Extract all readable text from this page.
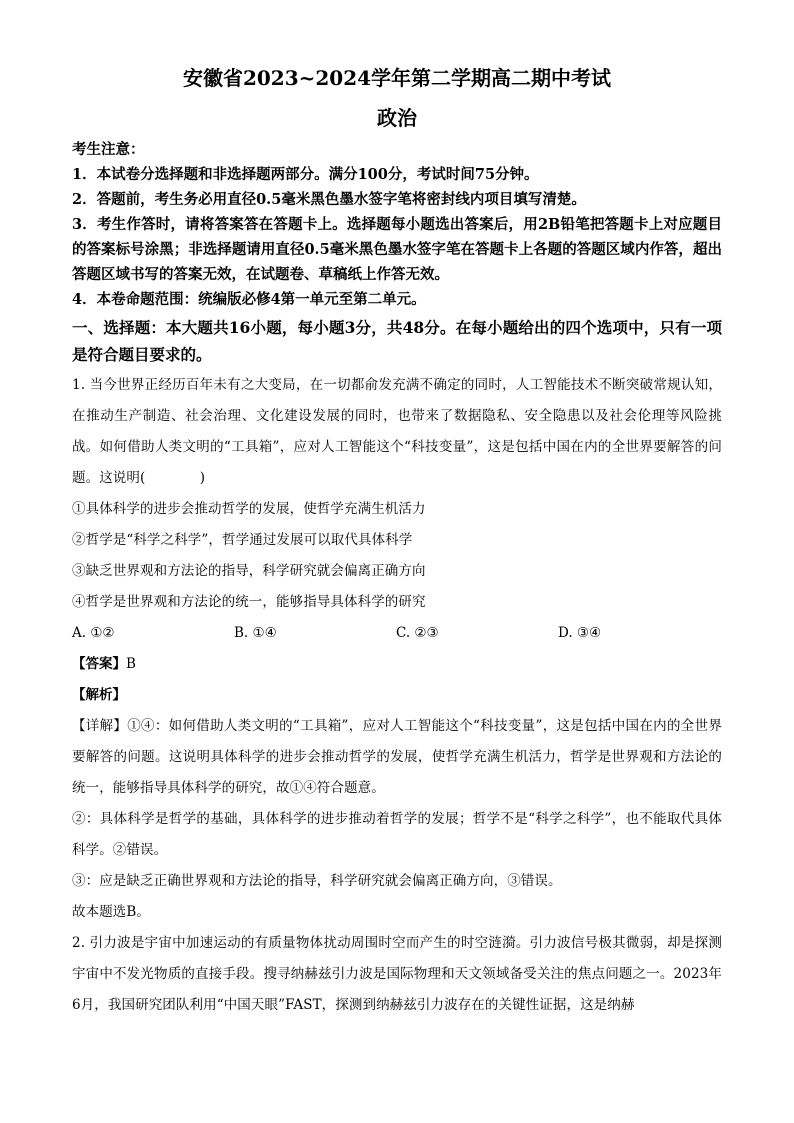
安徽省2023~2024学年第二学期高二期中考试
政治

考生注意：

1．本试卷分选择题和非选择题两部分。满分100分，考试时间75分钟。

2．答题前，考生务必用直径0.5毫米黑色墨水签字笔将密封线内项目填写清楚。

3．考生作答时，请将答案答在答题卡上。选择题每小题选出答案后，用2B铅笔把答题卡上对应题目的答案标号涂黑；非选择题请用直径0.5毫米黑色墨水签字笔在答题卡上各题的答题区域内作答，超出答题区域书写的答案无效，在试题卷、草稿纸上作答无效。

4．本卷命题范围：统编版必修4第一单元至第二单元。

一、选择题：本大题共16小题，每小题3分，共48分。在每小题给出的四个选项中，只有一项是符合题目要求的。

1. 当今世界正经历百年未有之大变局，在一切都俞发充满不确定的同时，人工智能技术不断突破常规认知，在推动生产制造、社会治理、文化建设发展的同时，也带来了数据隐私、安全隐患以及社会伦理等风险挑战。如何借助人类文明的“工具箱”，应对人工智能这个“科技变量”，这是包括中国在内的全世界要解答的问题。这说明(　　　　)

①具体科学的进步会推动哲学的发展，使哲学充满生机活力

②哲学是“科学之科学”，哲学通过发展可以取代具体科学

③缺乏世界观和方法论的指导，科学研究就会偏离正确方向

④哲学是世界观和方法论的统一，能够指导具体科学的研究

A. ①②	B. ①④	C. ②③	D. ③④

【答案】B

【解析】

【详解】①④：如何借助人类文明的“工具箱”，应对人工智能这个“科技变量”，这是包括中国在内的全世界要解答的问题。这说明具体科学的进步会推动哲学的发展，使哲学充满生机活力，哲学是世界观和方法论的统一，能够指导具体科学的研究，故①④符合题意。

②：具体科学是哲学的基础，具体科学的进步推动着哲学的发展；哲学不是“科学之科学”，也不能取代具体科学。②错误。

③：应是缺乏正确世界观和方法论的指导，科学研究就会偏离正确方向，③错误。

故本题选B。

2. 引力波是宇宙中加速运动的有质量物体扰动周围时空而产生的时空涟漪。引力波信号极其微弱，却是探测宇宙中不发光物质的直接手段。搜寻纳赫兹引力波是国际物理和天文领域备受关注的焦点问题之一。2023年6月，我国研究团队利用“中国天眼”FAST，探测到纳赫兹引力波存在的关键性证据，这是纳赫
